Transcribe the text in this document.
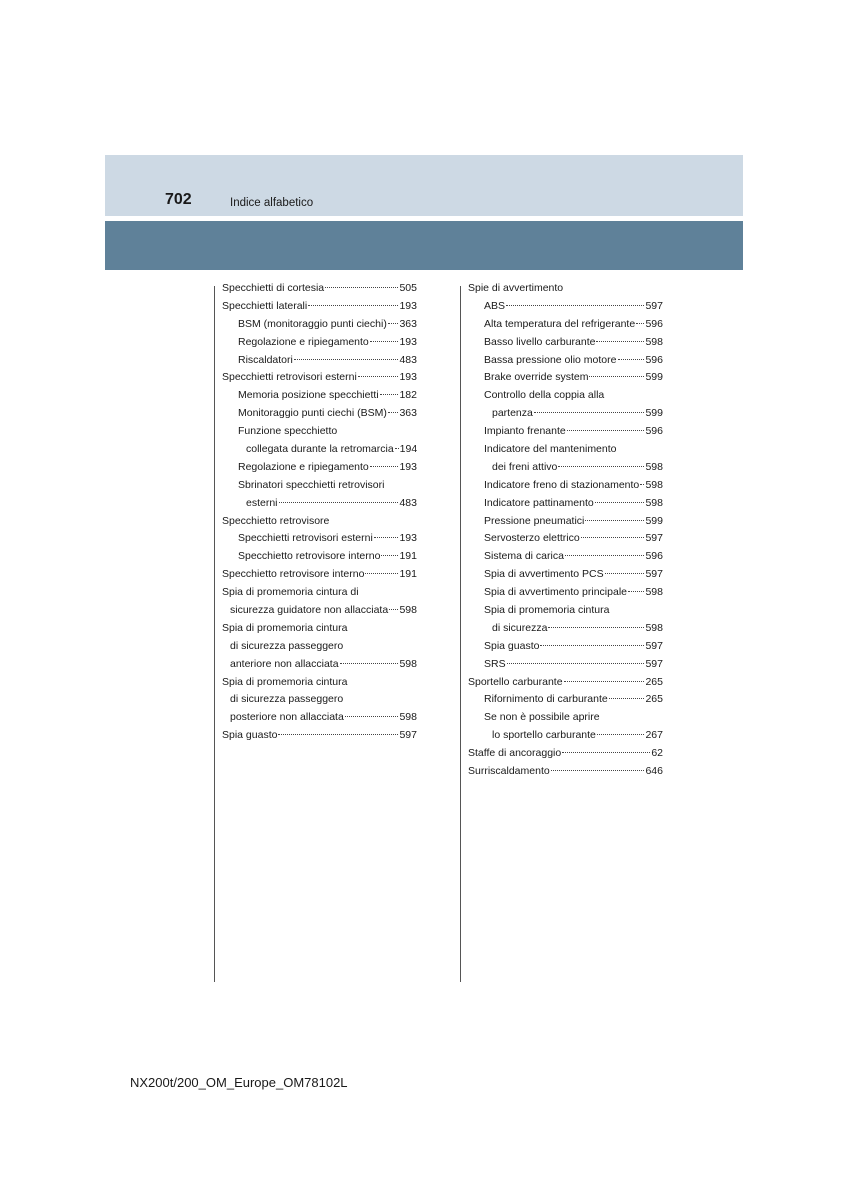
702	Indice alfabetico
Specchietti di cortesia	505
Specchietti laterali	193
BSM (monitoraggio punti ciechi) 363
Regolazione e ripiegamento	193
Riscaldatori	483
Specchietti retrovisori esterni	193
Memoria posizione specchietti 182
Monitoraggio punti ciechi (BSM) 363
Funzione specchietto
collegata durante la retromarcia 194
Regolazione e ripiegamento	193
Sbrinatori specchietti retrovisori
esterni	483
Specchietto retrovisore
Specchietti retrovisori esterni	193
Specchietto retrovisore interno 191
Specchietto retrovisore interno	191
Spia di promemoria cintura di
sicurezza guidatore non allacciata 598
Spia di promemoria cintura
di sicurezza passeggero
anteriore non allacciata	598
Spia di promemoria cintura
di sicurezza passeggero
posteriore non allacciata	598
Spia guasto	597
Spie di avvertimento
ABS	597
Alta temperatura del refrigerante 596
Basso livello carburante	598
Bassa pressione olio motore	596
Brake override system	599
Controllo della coppia alla
partenza	599
Impianto frenante	596
Indicatore del mantenimento
dei freni attivo	598
Indicatore freno di stazionamento 598
Indicatore pattinamento	598
Pressione pneumatici	599
Servosterzo elettrico	597
Sistema di carica	596
Spia di avvertimento PCS	597
Spia di avvertimento principale 598
Spia di promemoria cintura
di sicurezza	598
Spia guasto	597
SRS	597
Sportello carburante	265
Rifornimento di carburante	265
Se non è possibile aprire
lo sportello carburante	267
Staffe di ancoraggio	62
Surriscaldamento	646
NX200t/200_OM_Europe_OM78102L
